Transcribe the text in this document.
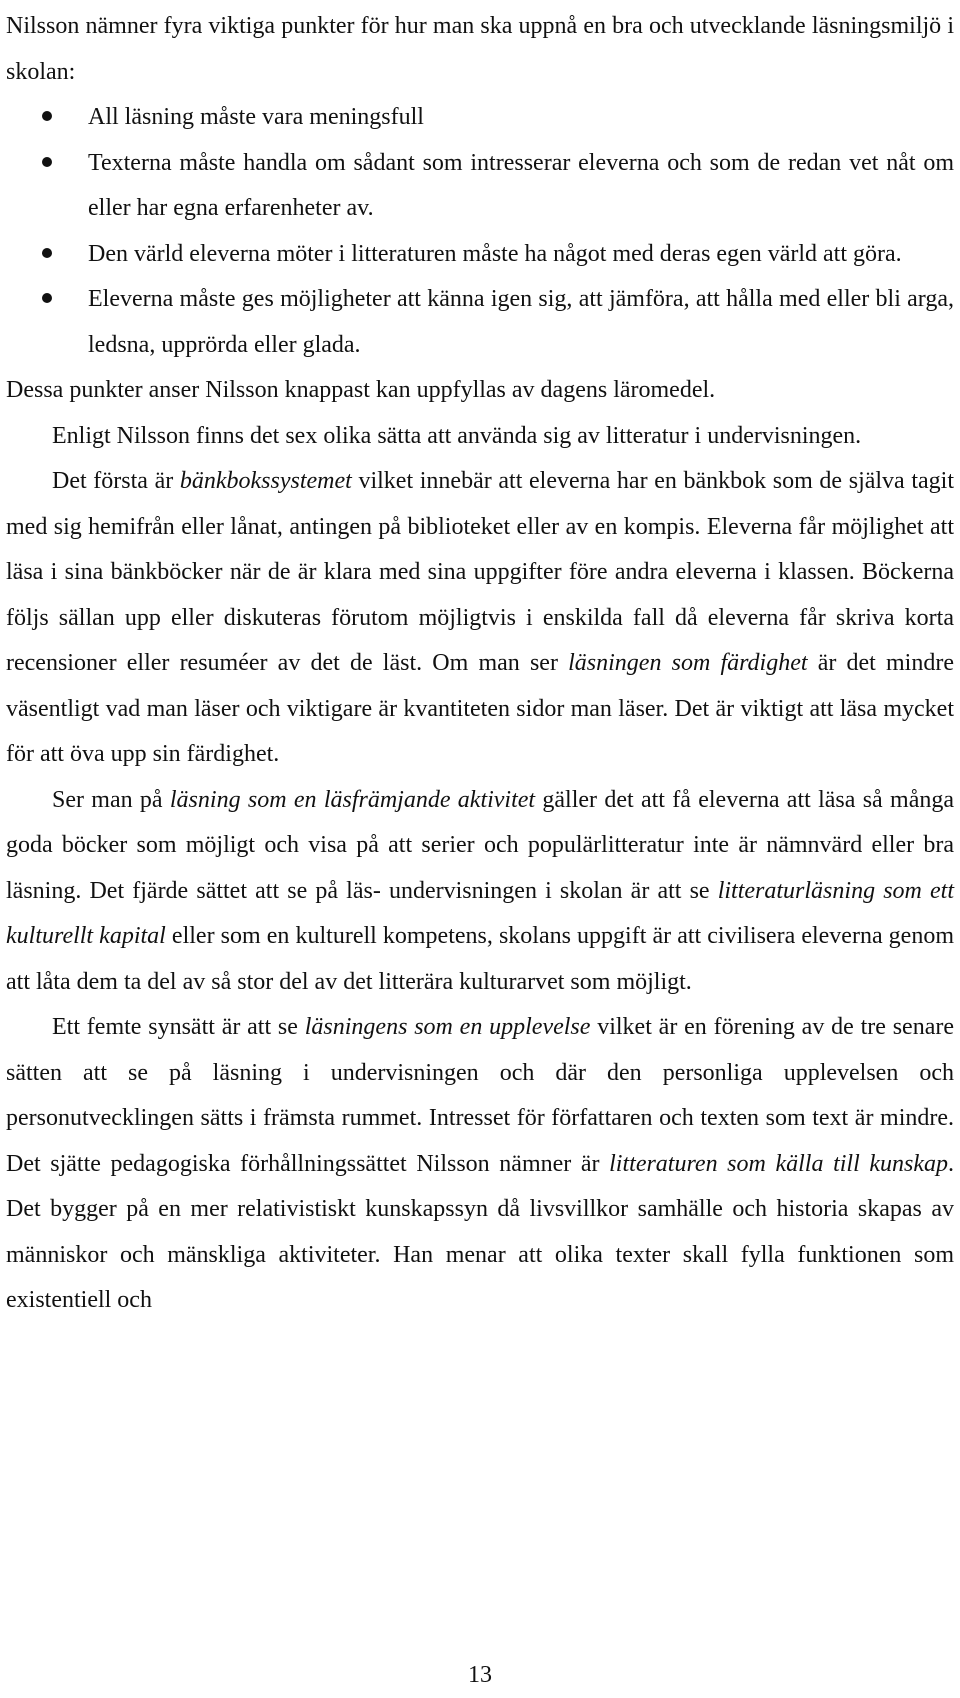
Nilsson nämner fyra viktiga punkter för hur man ska uppnå en bra och utvecklande läsningsmiljö i skolan:

All läsning måste vara meningsfull
Texterna måste handla om sådant som intresserar eleverna och som de redan vet nåt om eller har egna erfarenheter av.
Den värld eleverna möter i litteraturen måste ha något med deras egen värld att göra.
Eleverna måste ges möjligheter att känna igen sig, att jämföra, att hålla med eller bli arga, ledsna, upprörda eller glada.

Dessa punkter anser Nilsson knappast kan uppfyllas av dagens läromedel.

Enligt Nilsson finns det sex olika sätta att använda sig av litteratur i undervisningen.

Det första är bänkbokssystemet vilket innebär att eleverna har en bänkbok som de själva tagit med sig hemifrån eller lånat, antingen på biblioteket eller av en kompis. Eleverna får möjlighet att läsa i sina bänkböcker när de är klara med sina uppgifter före andra eleverna i klassen. Böckerna följs sällan upp eller diskuteras förutom möjligtvis i enskilda fall då eleverna får skriva korta recensioner eller resuméer av det de läst. Om man ser läsningen som färdighet är det mindre väsentligt vad man läser och viktigare är kvantiteten sidor man läser. Det är viktigt att läsa mycket för att öva upp sin färdighet.

Ser man på läsning som en läsfrämjande aktivitet gäller det att få eleverna att läsa så många goda böcker som möjligt och visa på att serier och populärlitteratur inte är nämnvärd eller bra läsning. Det fjärde sättet att se på läs- undervisningen i skolan är att se litteraturläsning som ett kulturellt kapital eller som en kulturell kompetens, skolans uppgift är att civilisera eleverna genom att låta dem ta del av så stor del av det litterära kulturarvet som möjligt.

Ett femte synsätt är att se läsningens som en upplevelse vilket är en förening av de tre senare sätten att se på läsning i undervisningen och där den personliga upplevelsen och personutvecklingen sätts i främsta rummet. Intresset för författaren och texten som text är mindre. Det sjätte pedagogiska förhållningssättet Nilsson nämner är litteraturen som källa till kunskap. Det bygger på en mer relativistiskt kunskapssyn då livsvillkor samhälle och historia skapas av människor och mänskliga aktiviteter. Han menar att olika texter skall fylla funktionen som existentiell och

13
